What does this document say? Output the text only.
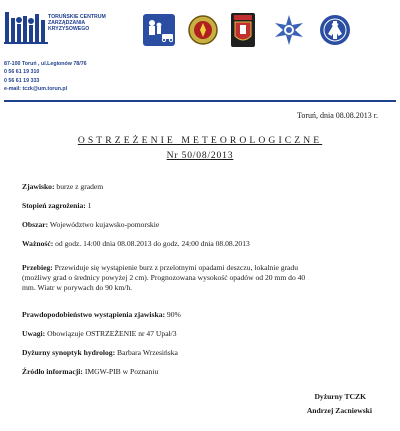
TORUŃSKIE CENTRUM ZARZĄDZANIA KRYZYSOWEGO
87-100 Toruń , ul.Legionów 78/76
0 56 61 19 310
0 56 61 19 333
e-mail: tczk@um.torun.pl
Toruń, dnia 08.08.2013 r.
OSTRZEŻENIE METEOROLOGICZNE
Nr 50/08/2013
Zjawisko: burze z gradem
Stopień zagrożenia: 1
Obszar: Województwo kujawsko-pomorskie
Ważność: od godz. 14:00 dnia 08.08.2013 do godz. 24:00 dnia 08.08.2013
Przebieg: Przewiduje się wystąpienie burz z przelotnymi opadami deszczu, lokalnie gradu
(możliwy grad o średnicy powyżej 2 cm). Prognozowana wysokość opadów od 20 mm do 40
mm. Wiatr w porywach do 90 km/h.
Prawdopodobieństwo wystąpienia zjawiska: 90%
Uwagi: Obowiązuje OSTRZEŻENIE nr 47 Upał/3
Dyżurny synoptyk hydrolog: Barbara Wrzesińska
Źródło informacji: IMGW-PIB w Poznaniu
Dyżurny TCZK
Andrzej Zacniewski
